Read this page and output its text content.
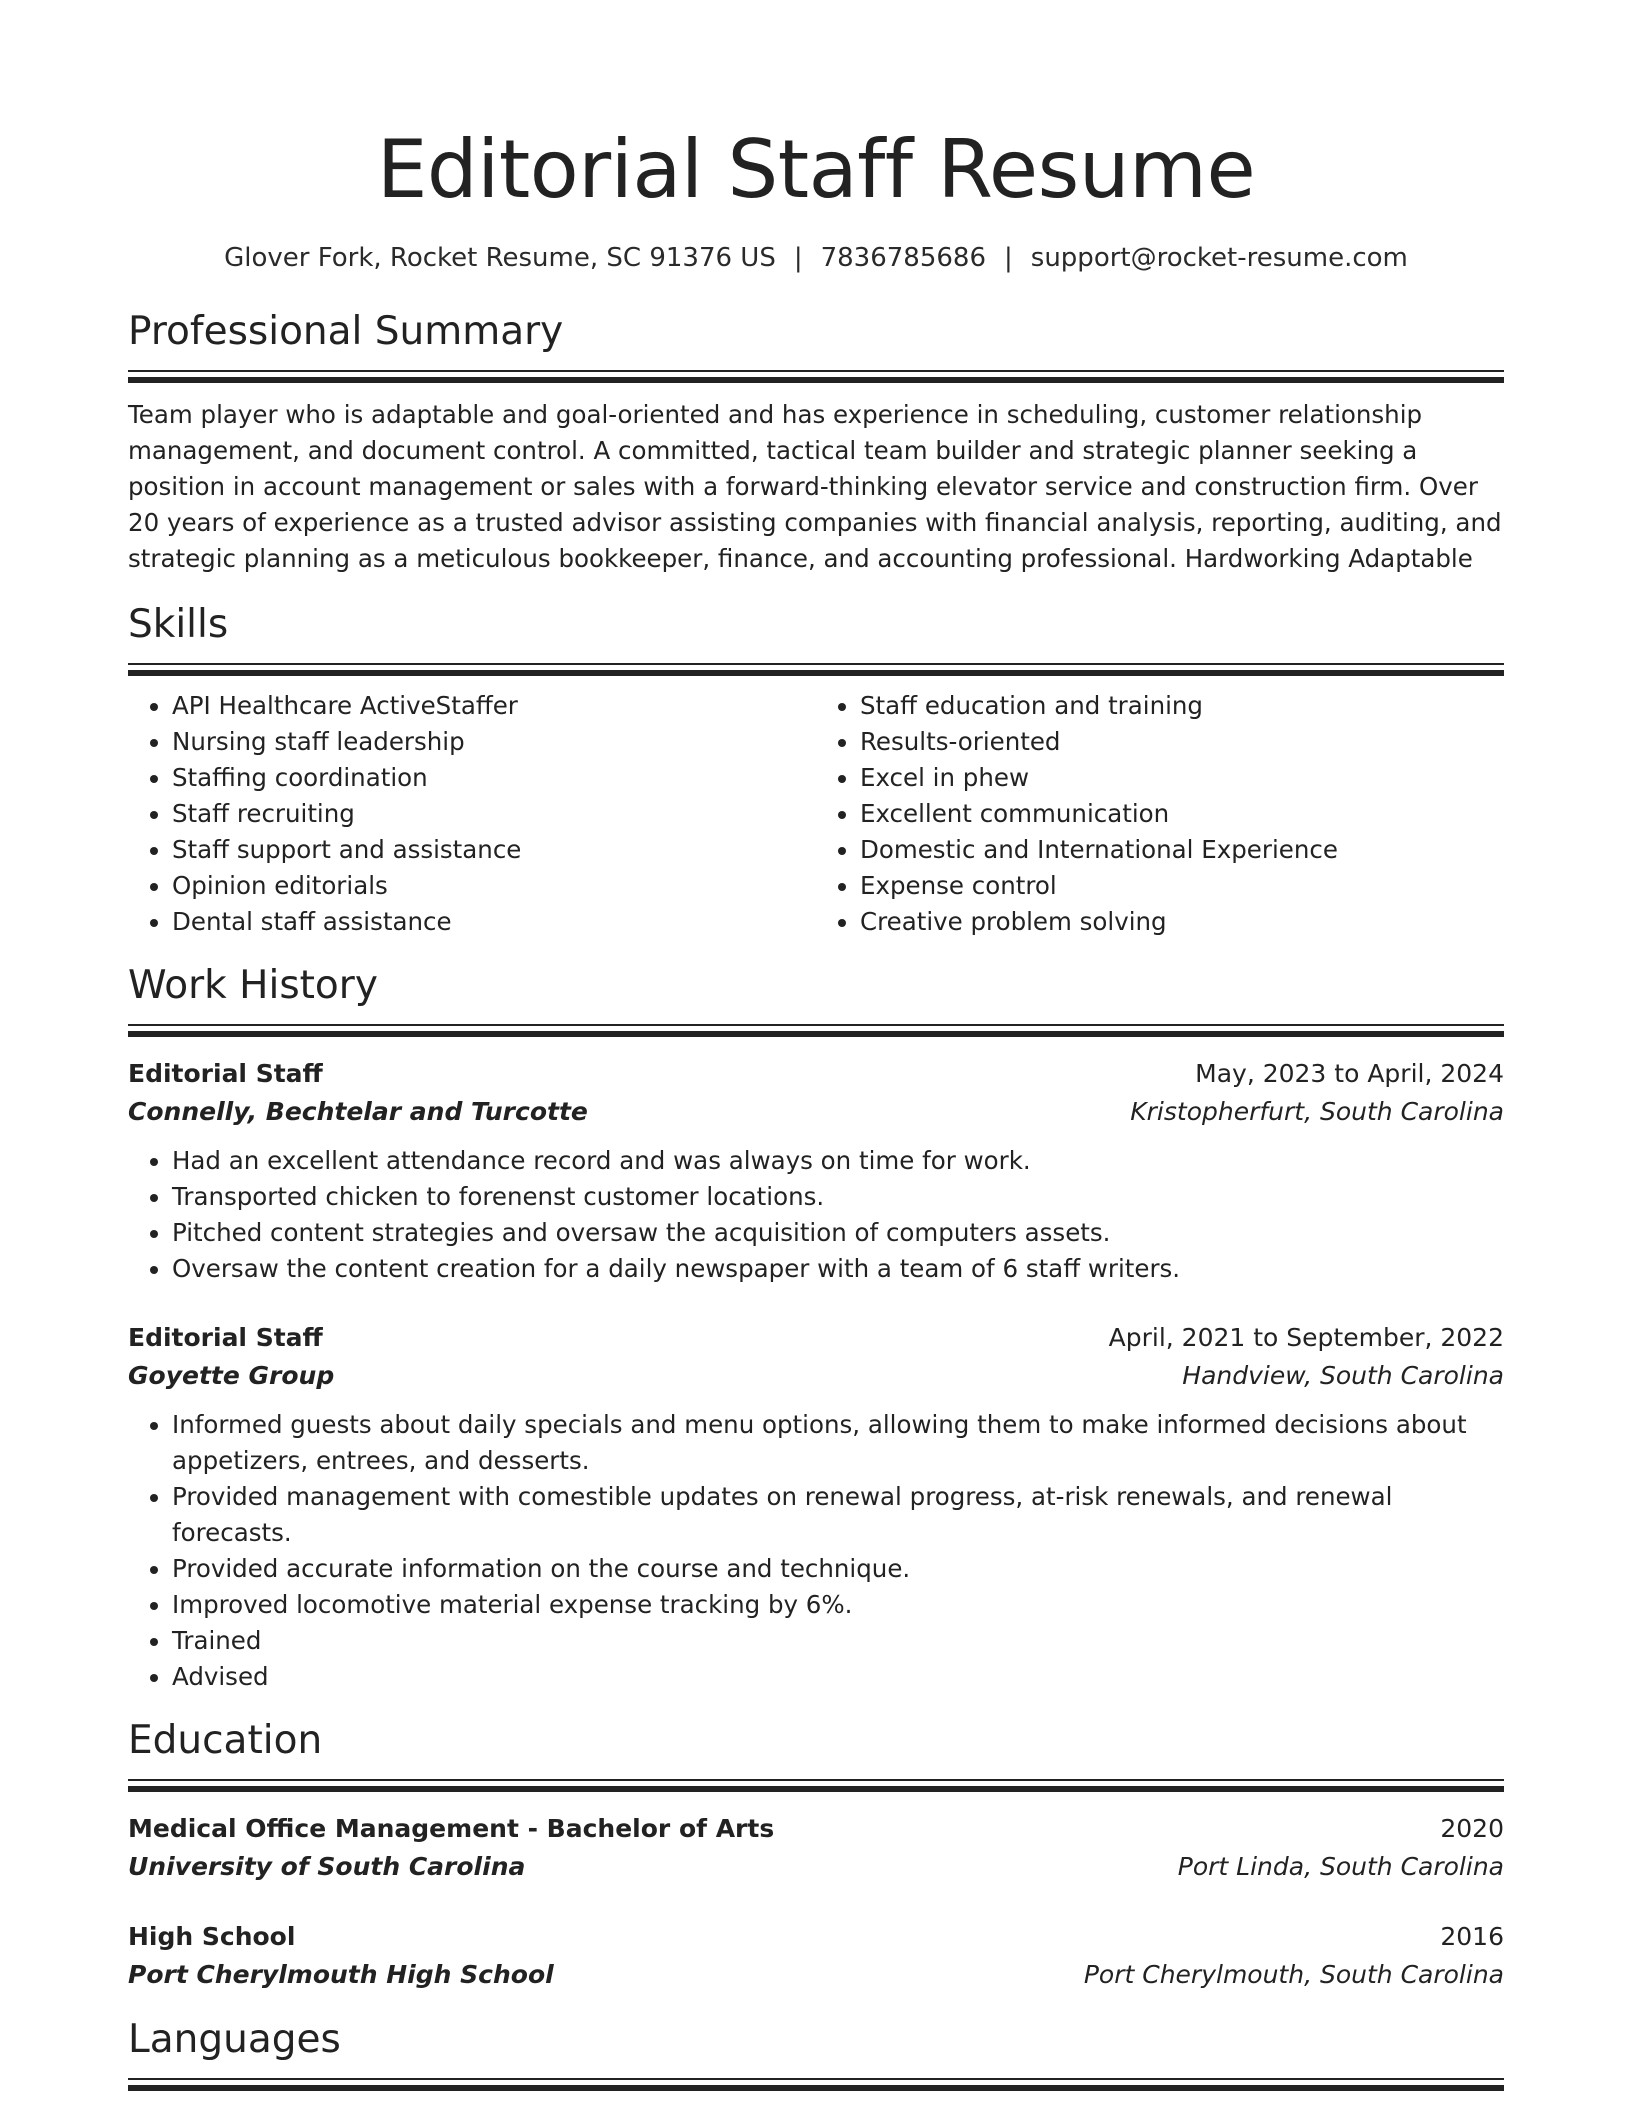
Editorial Staff Resume
Glover Fork, Rocket Resume, SC 91376 US | 7836785686 | support@rocket-resume.com
Professional Summary
Team player who is adaptable and goal-oriented and has experience in scheduling, customer relationship management, and document control. A committed, tactical team builder and strategic planner seeking a position in account management or sales with a forward-thinking elevator service and construction firm. Over 20 years of experience as a trusted advisor assisting companies with financial analysis, reporting, auditing, and strategic planning as a meticulous bookkeeper, finance, and accounting professional. Hardworking Adaptable
Skills
• API Healthcare ActiveStaffer
• Nursing staff leadership
• Staffing coordination
• Staff recruiting
• Staff support and assistance
• Opinion editorials
• Dental staff assistance
• Staff education and training
• Results-oriented
• Excel in phew
• Excellent communication
• Domestic and International Experience
• Expense control
• Creative problem solving
Work History
Editorial Staff	May, 2023 to April, 2024
Connelly, Bechtelar and Turcotte	Kristopherfurt, South Carolina
• Had an excellent attendance record and was always on time for work.
• Transported chicken to forenenst customer locations.
• Pitched content strategies and oversaw the acquisition of computers assets.
• Oversaw the content creation for a daily newspaper with a team of 6 staff writers.
Editorial Staff	April, 2021 to September, 2022
Goyette Group	Handview, South Carolina
• Informed guests about daily specials and menu options, allowing them to make informed decisions about appetizers, entrees, and desserts.
• Provided management with comestible updates on renewal progress, at-risk renewals, and renewal forecasts.
• Provided accurate information on the course and technique.
• Improved locomotive material expense tracking by 6%.
• Trained
• Advised
Education
Medical Office Management - Bachelor of Arts	2020
University of South Carolina	Port Linda, South Carolina
High School	2016
Port Cherylmouth High School	Port Cherylmouth, South Carolina
Languages
